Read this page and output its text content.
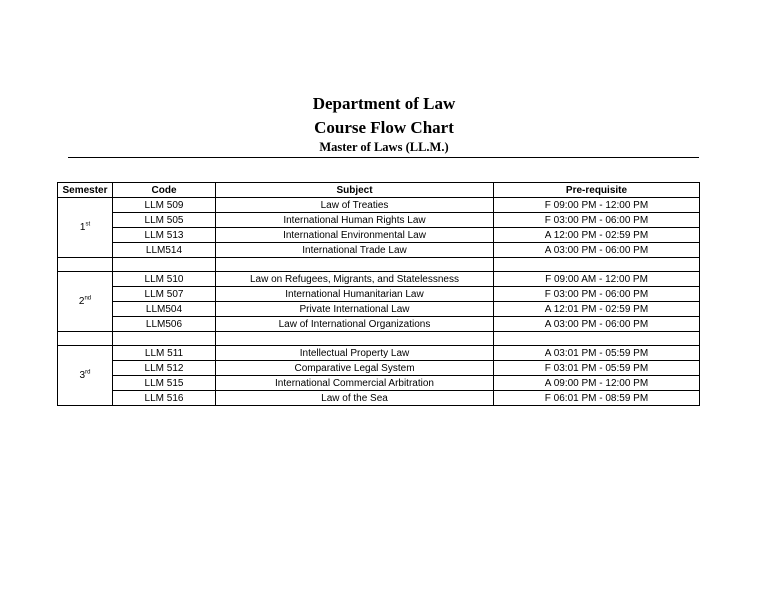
Department of Law
Course Flow Chart
Master of Laws (LL.M.)
Semester	Code	Subject	Pre-requisite
1st	LLM 509	Law of Treaties	F 09:00 PM - 12:00 PM
	LLM 505	International Human Rights Law	F 03:00 PM - 06:00 PM
	LLM 513	International Environmental Law	A 12:00 PM - 02:59 PM
	LLM514	International Trade Law	A 03:00 PM - 06:00 PM

2nd	LLM 510	Law on Refugees, Migrants, and Statelessness	F 09:00 AM - 12:00 PM
	LLM 507	International Humanitarian Law	F 03:00 PM - 06:00 PM
	LLM504	Private International Law	A 12:01 PM - 02:59 PM
	LLM506	Law of International Organizations	A 03:00 PM - 06:00 PM

3rd	LLM 511	Intellectual Property Law	A 03:01 PM - 05:59 PM
	LLM 512	Comparative Legal System	F 03:01 PM - 05:59 PM
	LLM 515	International Commercial Arbitration	A 09:00 PM - 12:00 PM
	LLM 516	Law of the Sea	F 06:01 PM - 08:59 PM
